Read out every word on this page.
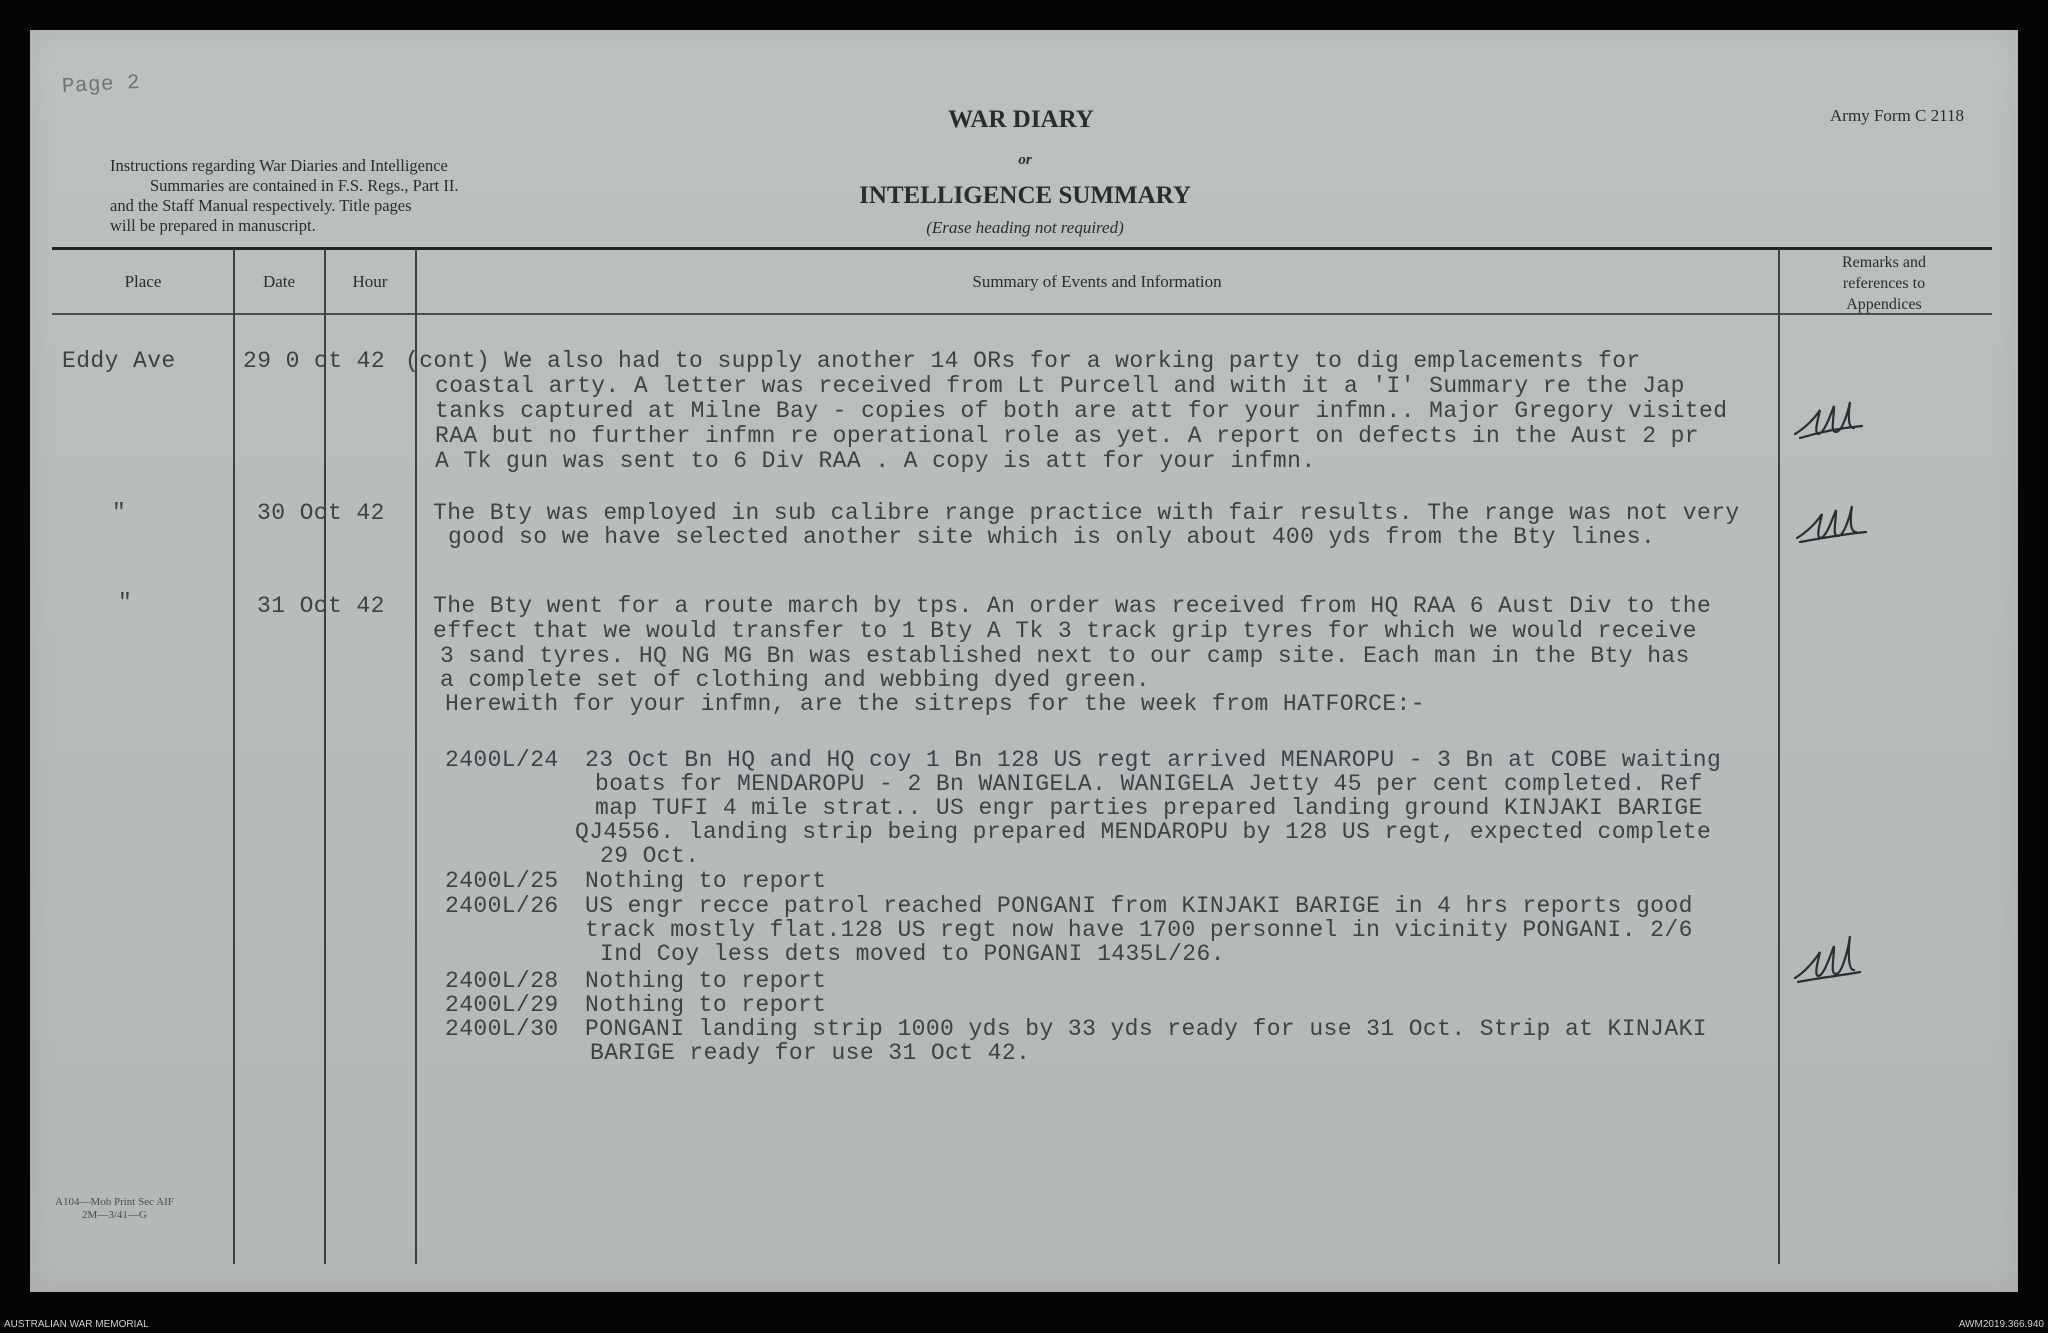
Page 2
WAR DIARY
or
INTELLIGENCE SUMMARY
(Erase heading not required)
Army Form C 2118
Instructions regarding War Diaries and Intelligence
Summaries are contained in F.S. Regs., Part II.
and the Staff Manual respectively. Title pages
will be prepared in manuscript.
Place	Date	Hour	Summary of Events and Information
Remarks and
references to
Appendices
Eddy Ave	29 0 ct 42 (cont) We also had to supply another 14 ORs for a working party to dig emplacements for
coastal arty. A letter was received from Lt Purcell and with it a 'I' Summary re the Jap
tanks captured at Milne Bay - copies of both are att for your infmn.. Major Gregory visited
RAA but no further infmn re operational role as yet. A report on defects in the Aust 2 pr
A Tk gun was sent to 6 Div RAA . A copy is att for your infmn.
"	30 Oct 42 The Bty was employed in sub calibre range practice with fair results. The range was not very
good so we have selected another site which is only about 400 yds from the Bty lines.
"	31 Oct 42 The Bty went for a route march by tps. An order was received from HQ RAA 6 Aust Div to the
effect that we would transfer to 1 Bty A Tk 3 track grip tyres for which we would receive
3 sand tyres. HQ NG MG Bn was established next to our camp site. Each man in the Bty has
a complete set of clothing and webbing dyed green.
Herewith for your infmn, are the sitreps for the week from HATFORCE:-
2400L/24 23 Oct Bn HQ and HQ coy 1 Bn 128 US regt arrived MENAROPU - 3 Bn at COBE waiting
boats for MENDAROPU - 2 Bn WANIGELA. WANIGELA Jetty 45 per cent completed. Ref
map TUFI 4 mile strat.. US engr parties prepared landing ground KINJAKI BARIGE
QJ4556. landing strip being prepared MENDAROPU by 128 US regt, expected complete
29 Oct.
2400L/25 Nothing to report
2400L/26 US engr recce patrol reached PONGANI from KINJAKI BARIGE in 4 hrs reports good
track mostly flat.128 US regt now have 1700 personnel in vicinity PONGANI. 2/6
Ind Coy less dets moved to PONGANI 1435L/26.
2400L/28 Nothing to report
2400L/29 Nothing to report
2400L/30 PONGANI landing strip 1000 yds by 33 yds ready for use 31 Oct. Strip at KINJAKI
BARIGE ready for use 31 Oct 42.
A104—Mob Print Sec AIF
2M—3/41—G
AUSTRALIAN WAR MEMORIAL	AWM2019.366.940
